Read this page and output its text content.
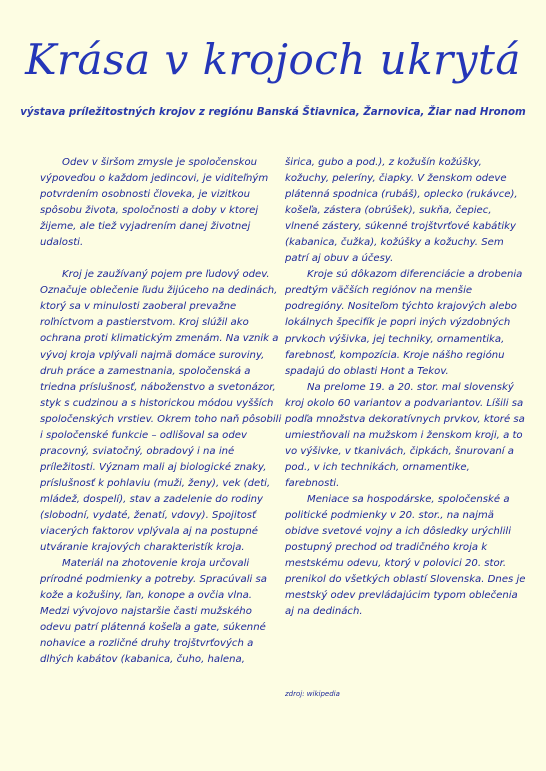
Krása v krojoch ukrytá
výstava príležitostných krojov z regiónu Banská Štiavnica, Žarnovica, Žiar nad Hronom

Odev v širšom zmysle je spoločenskou výpoveďou o každom jedincovi, je viditeľným potvrdením osobnosti človeka, je vizitkou spôsobu života, spoločnosti a doby v ktorej žijeme, ale tiež vyjadrením danej životnej udalosti.

Kroj je zaužívaný pojem pre ľudový odev. Označuje oblečenie ľudu žijúceho na dedinách, ktorý sa v minulosti zaoberal prevažne roľníctvom a pastierstvom. Kroj slúžil ako ochrana proti klimatickým zmenám. Na vznik a vývoj kroja vplývali najmä domáce suroviny, druh práce a zamestnania, spoločenská a triedna príslušnosť, náboženstvo a svetonázor, styk s cudzinou a s historickou módou vyšších spoločenských vrstiev. Okrem toho naň pôsobili i spoločenské funkcie – odlišoval sa odev pracovný, sviatočný, obradový i na iné príležitosti. Význam mali aj biologické znaky, príslušnosť k pohlaviu (muži, ženy), vek (deti, mládež, dospelí), stav a zadelenie do rodiny (slobodní, vydaté, ženatí, vdovy). Spojitosť viacerých faktorov vplývala aj na postupné utváranie krajových charakteristík kroja.

Materiál na zhotovenie kroja určovali prírodné podmienky a potreby. Spracúvali sa kože a kožušiny, ľan, konope a ovčia vlna. Medzi vývojovo najstaršie časti mužského odevu patrí plátenná košeľa a gate, súkenné nohavice a rozličné druhy trojštvrťových a dlhých kabátov (kabanica, čuho, halena,

širica, gubo a pod.), z kožušín kožúšky, kožuchy, peleríny, čiapky. V ženskom odeve plátenná spodnica (rubáš), oplecko (rukávce), košeľa, zástera (obrúšek), sukňa, čepiec, vlnené zástery, súkenné trojštvrťové kabátiky (kabanica, čužka), kožúšky a kožuchy. Sem patrí aj obuv a účesy.

Kroje sú dôkazom diferenciácie a drobenia predtým väčších regiónov na menšie podregióny. Nositeľom týchto krajových alebo lokálnych špecifík je popri iných výzdobných prvkoch výšivka, jej techniky, ornamentika, farebnosť, kompozícia. Kroje nášho regiónu spadajú do oblasti Hont a Tekov.

Na prelome 19. a 20. stor. mal slovenský kroj okolo 60 variantov a podvariantov. Líšili sa podľa množstva dekoratívnych prvkov, ktoré sa umiestňovali na mužskom i ženskom kroji, a to vo výšivke, v tkanivách, čipkách, šnurovaní a pod., v ich technikách, ornamentike, farebnosti.

Meniace sa hospodárske, spoločenské a politické podmienky v 20. stor., na najmä obidve svetové vojny a ich dôsledky urýchlili postupný prechod od tradičného kroja k mestskému odevu, ktorý v polovici 20. stor. prenikol do všetkých oblastí Slovenska. Dnes je mestský odev prevládajúcim typom oblečenia aj na dedinách.

zdroj: wikipedia
